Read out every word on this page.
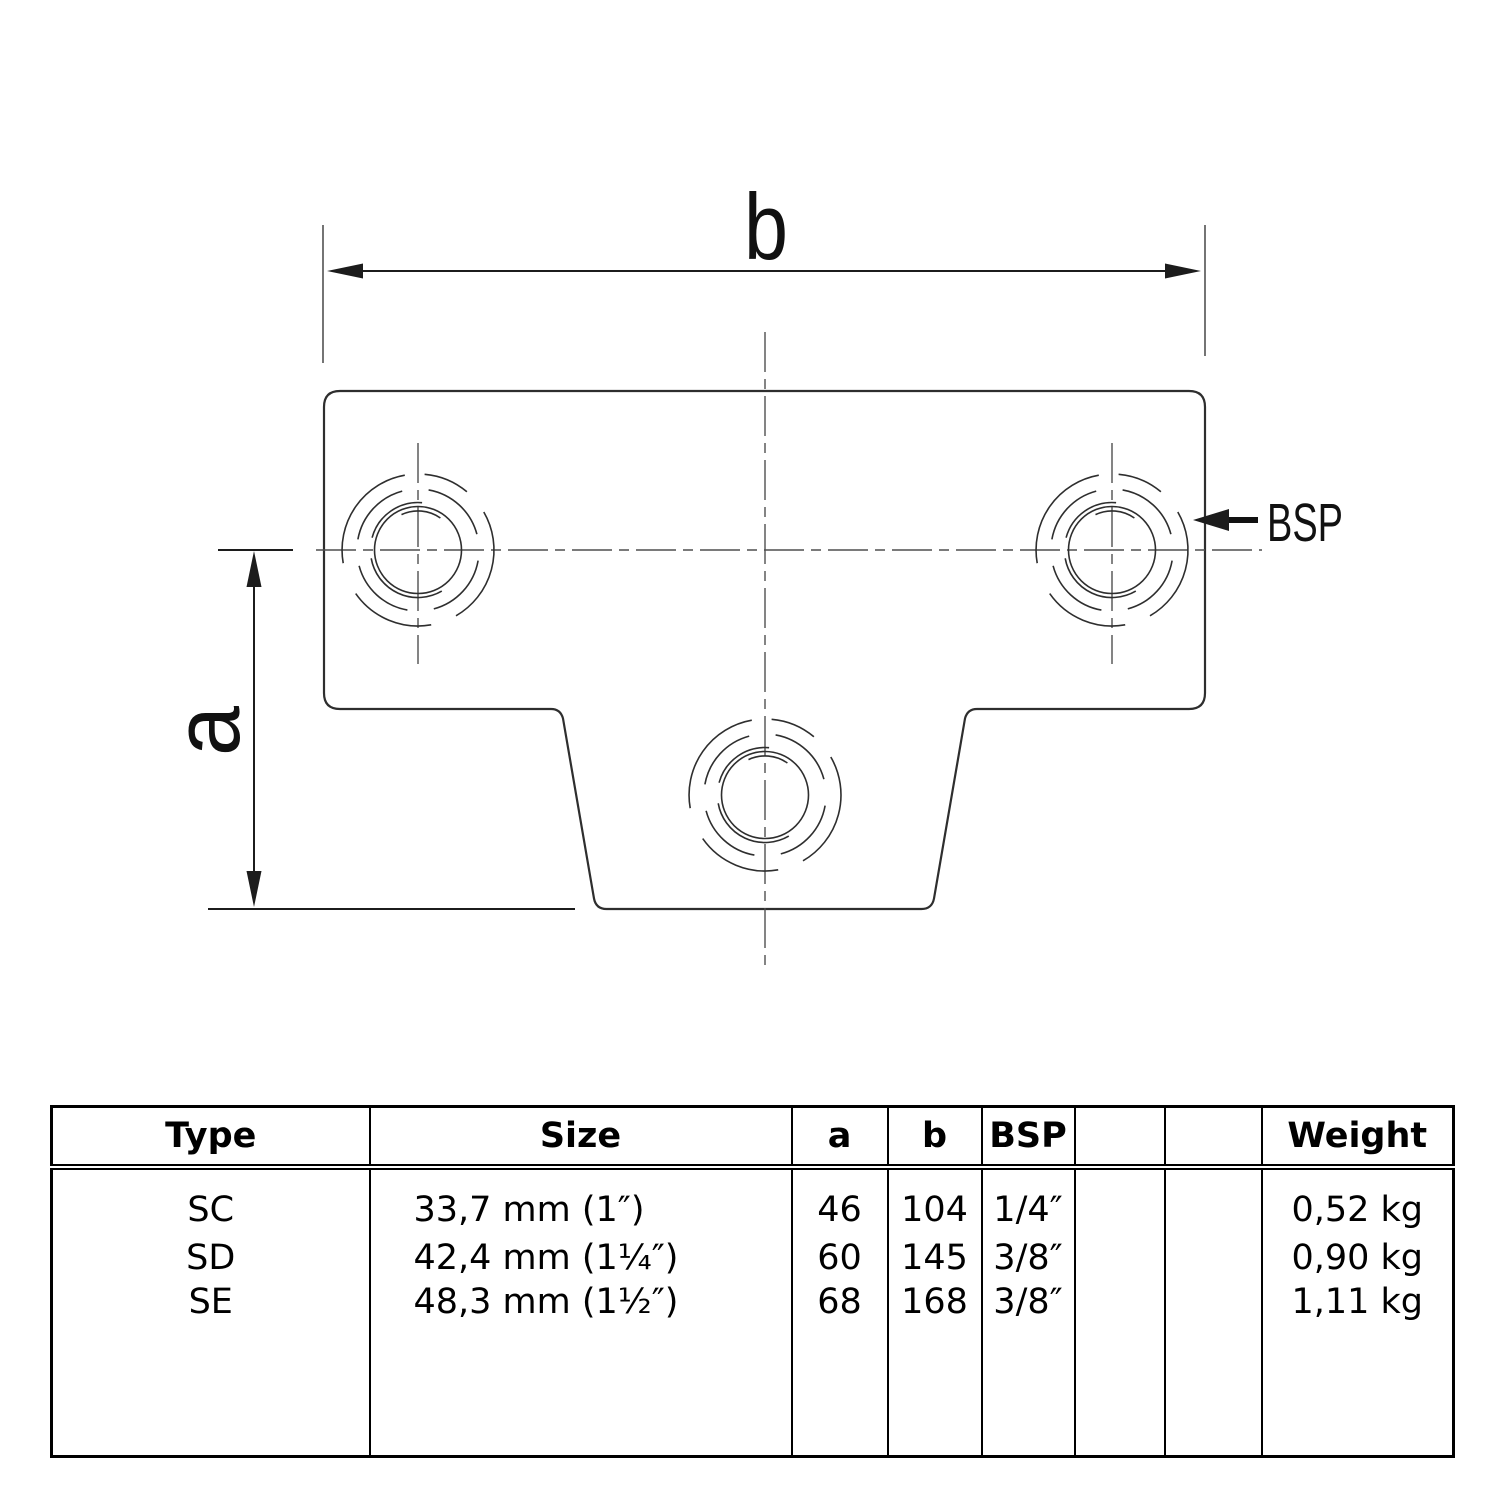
b
a
BSP
Type	Size	a	b	BSP			Weight
SC	33,7 mm (1″)	46	104	1/4″			0,52 kg
SD	42,4 mm (1¼″)	60	145	3/8″			0,90 kg
SE	48,3 mm (1½″)	68	168	3/8″			1,11 kg
